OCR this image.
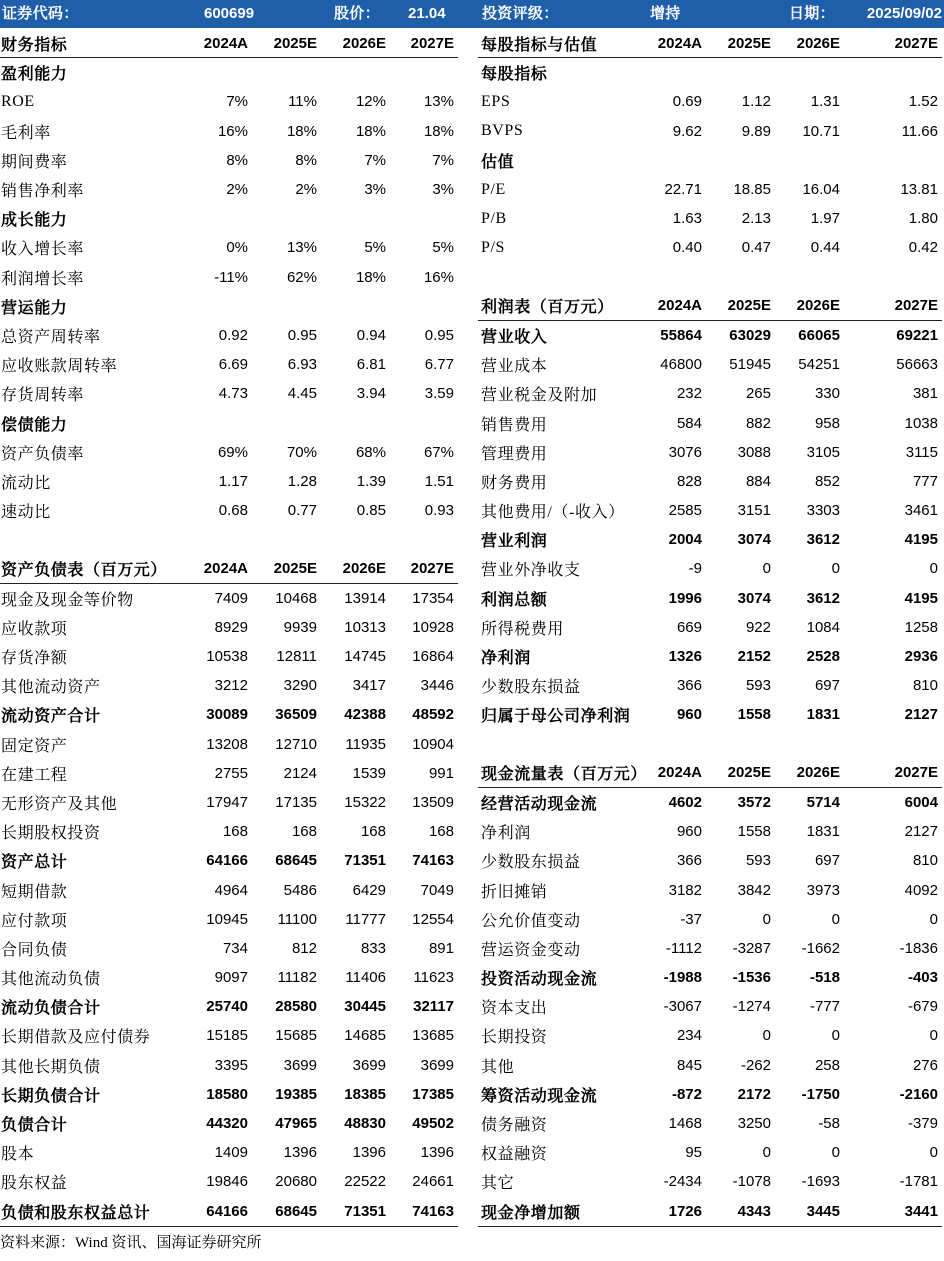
证券代码：	600699	股价： 21.04 投资评级：	增持	日期： 2025/09/02
财务指标	2024A	2025E	2026E	2027E
盈利能力
ROE	7%	11%	12%	13%
毛利率	16%	18%	18%	18%
期间费率	8%	8%	7%	7%
销售净利率	2%	2%	3%	3%
成长能力
收入增长率	0%	13%	5%	5%
利润增长率	-11%	62%	18%	16%
营运能力
总资产周转率	0.92	0.95	0.94	0.95
应收账款周转率	6.69	6.93	6.81	6.77
存货周转率	4.73	4.45	3.94	3.59
偿债能力
资产负债率	69%	70%	68%	67%
流动比	1.17	1.28	1.39	1.51
速动比	0.68	0.77	0.85	0.93
资产负债表（百万元）	2024A	2025E	2026E	2027E
现金及现金等价物	7409	10468	13914	17354
应收款项	8929	9939	10313	10928
存货净额	10538	12811	14745	16864
其他流动资产	3212	3290	3417	3446
流动资产合计	30089	36509	42388	48592
固定资产	13208	12710	11935	10904
在建工程	2755	2124	1539	991
无形资产及其他	17947	17135	15322	13509
长期股权投资	168	168	168	168
资产总计	64166	68645	71351	74163
短期借款	4964	5486	6429	7049
应付款项	10945	11100	11777	12554
合同负债	734	812	833	891
其他流动负债	9097	11182	11406	11623
流动负债合计	25740	28580	30445	32117
长期借款及应付债券	15185	15685	14685	13685
其他长期负债	3395	3699	3699	3699
长期负债合计	18580	19385	18385	17385
负债合计	44320	47965	48830	49502
股本	1409	1396	1396	1396
股东权益	19846	20680	22522	24661
负债和股东权益总计	64166	68645	71351	74163
每股指标与估值	2024A	2025E	2026E	2027E
每股指标
EPS	0.69	1.12	1.31	1.52
BVPS	9.62	9.89	10.71	11.66
估值
P/E	22.71	18.85	16.04	13.81
P/B	1.63	2.13	1.97	1.80
P/S	0.40	0.47	0.44	0.42
利润表（百万元）	2024A	2025E	2026E	2027E
营业收入	55864	63029	66065	69221
营业成本	46800	51945	54251	56663
营业税金及附加	232	265	330	381
销售费用	584	882	958	1038
管理费用	3076	3088	3105	3115
财务费用	828	884	852	777
其他费用/（-收入）	2585	3151	3303	3461
营业利润	2004	3074	3612	4195
营业外净收支	-9	0	0	0
利润总额	1996	3074	3612	4195
所得税费用	669	922	1084	1258
净利润	1326	2152	2528	2936
少数股东损益	366	593	697	810
归属于母公司净利润	960	1558	1831	2127
现金流量表（百万元） 2024A	2025E	2026E	2027E
经营活动现金流	4602	3572	5714	6004
净利润	960	1558	1831	2127
少数股东损益	366	593	697	810
折旧摊销	3182	3842	3973	4092
公允价值变动	-37	0	0	0
营运资金变动	-1112	-3287	-1662	-1836
投资活动现金流	-1988	-1536	-518	-403
资本支出	-3067	-1274	-777	-679
长期投资	234	0	0	0
其他	845	-262	258	276
筹资活动现金流	-872	2172	-1750	-2160
债务融资	1468	3250	-58	-379
权益融资	95	0	0	0
其它	-2434	-1078	-1693	-1781
现金净增加额	1726	4343	3445	3441
资料来源：Wind 资讯、国海证券研究所
